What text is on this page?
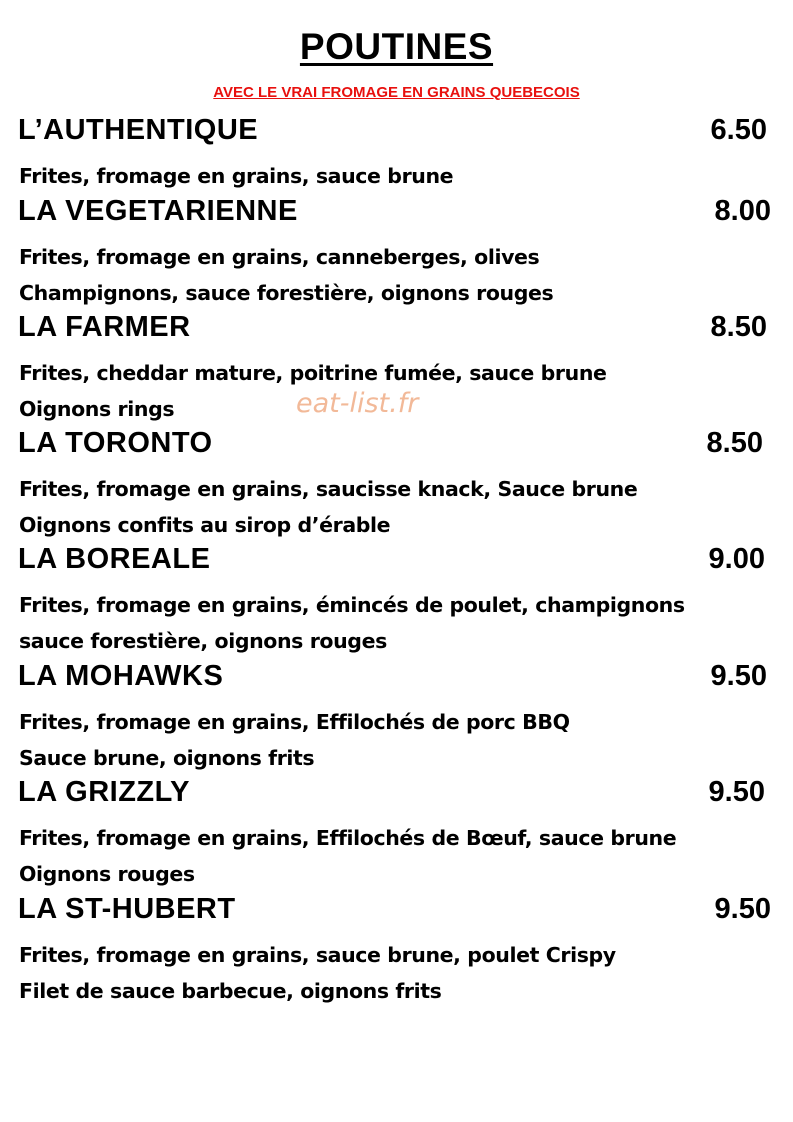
POUTINES
AVEC LE VRAI FROMAGE EN GRAINS QUEBECOIS
L’AUTHENTIQUE	6.50
Frites, fromage en grains, sauce brune
LA VEGETARIENNE	8.00
Frites, fromage en grains, canneberges, olives
Champignons, sauce forestière, oignons rouges
LA FARMER	8.50
Frites, cheddar mature, poitrine fumée, sauce brune
Oignons rings
LA TORONTO	8.50
Frites, fromage en grains, saucisse knack, Sauce brune
Oignons confits au sirop d’érable
LA BOREALE	9.00
Frites, fromage en grains, émincés de poulet, champignons
sauce forestière, oignons rouges
LA MOHAWKS	9.50
Frites, fromage en grains, Effilochés de porc BBQ
Sauce brune, oignons frits
LA GRIZZLY	9.50
Frites, fromage en grains, Effilochés de Bœuf, sauce brune
Oignons rouges
LA ST-HUBERT	9.50
Frites, fromage en grains, sauce brune, poulet Crispy
Filet de sauce barbecue, oignons frits
eat-list.fr
